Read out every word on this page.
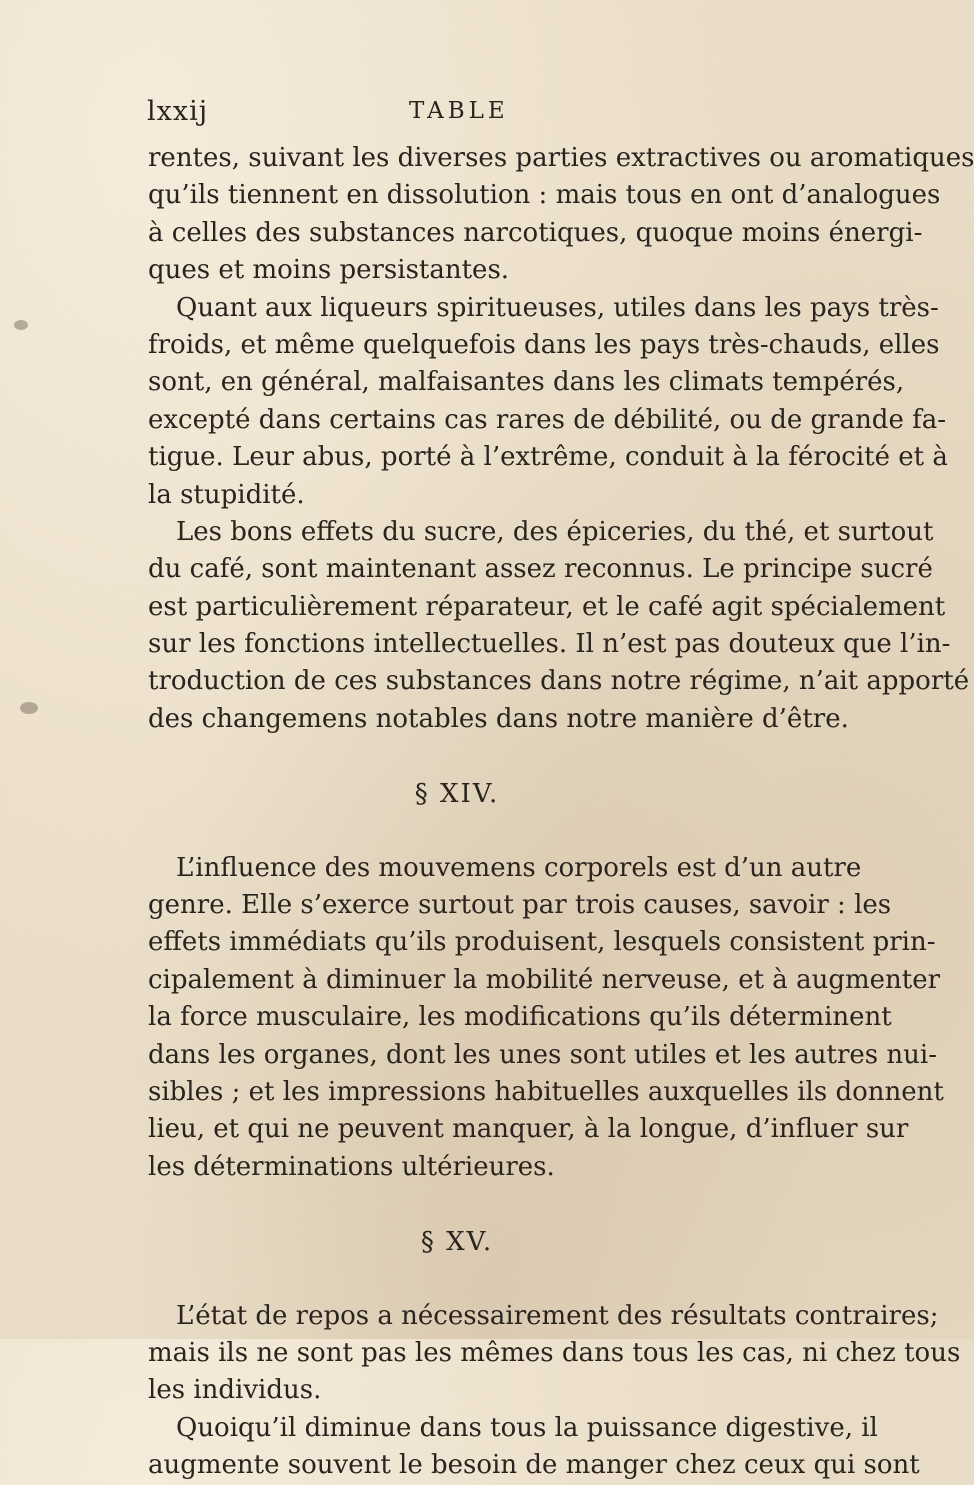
lxxij	TABLE

rentes, suivant les diverses parties extractives ou aromatiques
qu’ils tiennent en dissolution : mais tous en ont d’analogues
à celles des substances narcotiques, quoque moins énergi-
ques et moins persistantes.

Quant aux liqueurs spiritueuses, utiles dans les pays très-
froids, et même quelquefois dans les pays très-chauds, elles
sont, en général, malfaisantes dans les climats tempérés,
excepté dans certains cas rares de débilité, ou de grande fa-
tigue. Leur abus, porté à l’extrême, conduit à la férocité et à
la stupidité.

Les bons effets du sucre, des épiceries, du thé, et surtout
du café, sont maintenant assez reconnus. Le principe sucré
est particulièrement réparateur, et le café agit spécialement
sur les fonctions intellectuelles. Il n’est pas douteux que l’in-
troduction de ces substances dans notre régime, n’ait apporté
des changemens notables dans notre manière d’être.

§ XIV.

L’influence des mouvemens corporels est d’un autre
genre. Elle s’exerce surtout par trois causes, savoir : les
effets immédiats qu’ils produisent, lesquels consistent prin-
cipalement à diminuer la mobilité nerveuse, et à augmenter
la force musculaire, les modifications qu’ils déterminent
dans les organes, dont les unes sont utiles et les autres nui-
sibles ; et les impressions habituelles auxquelles ils donnent
lieu, et qui ne peuvent manquer, à la longue, d’influer sur
les déterminations ultérieures.

§ XV.

L’état de repos a nécessairement des résultats contraires;
mais ils ne sont pas les mêmes dans tous les cas, ni chez tous
les individus.

Quoiqu’il diminue dans tous la puissance digestive, il
augmente souvent le besoin de manger chez ceux qui sont
